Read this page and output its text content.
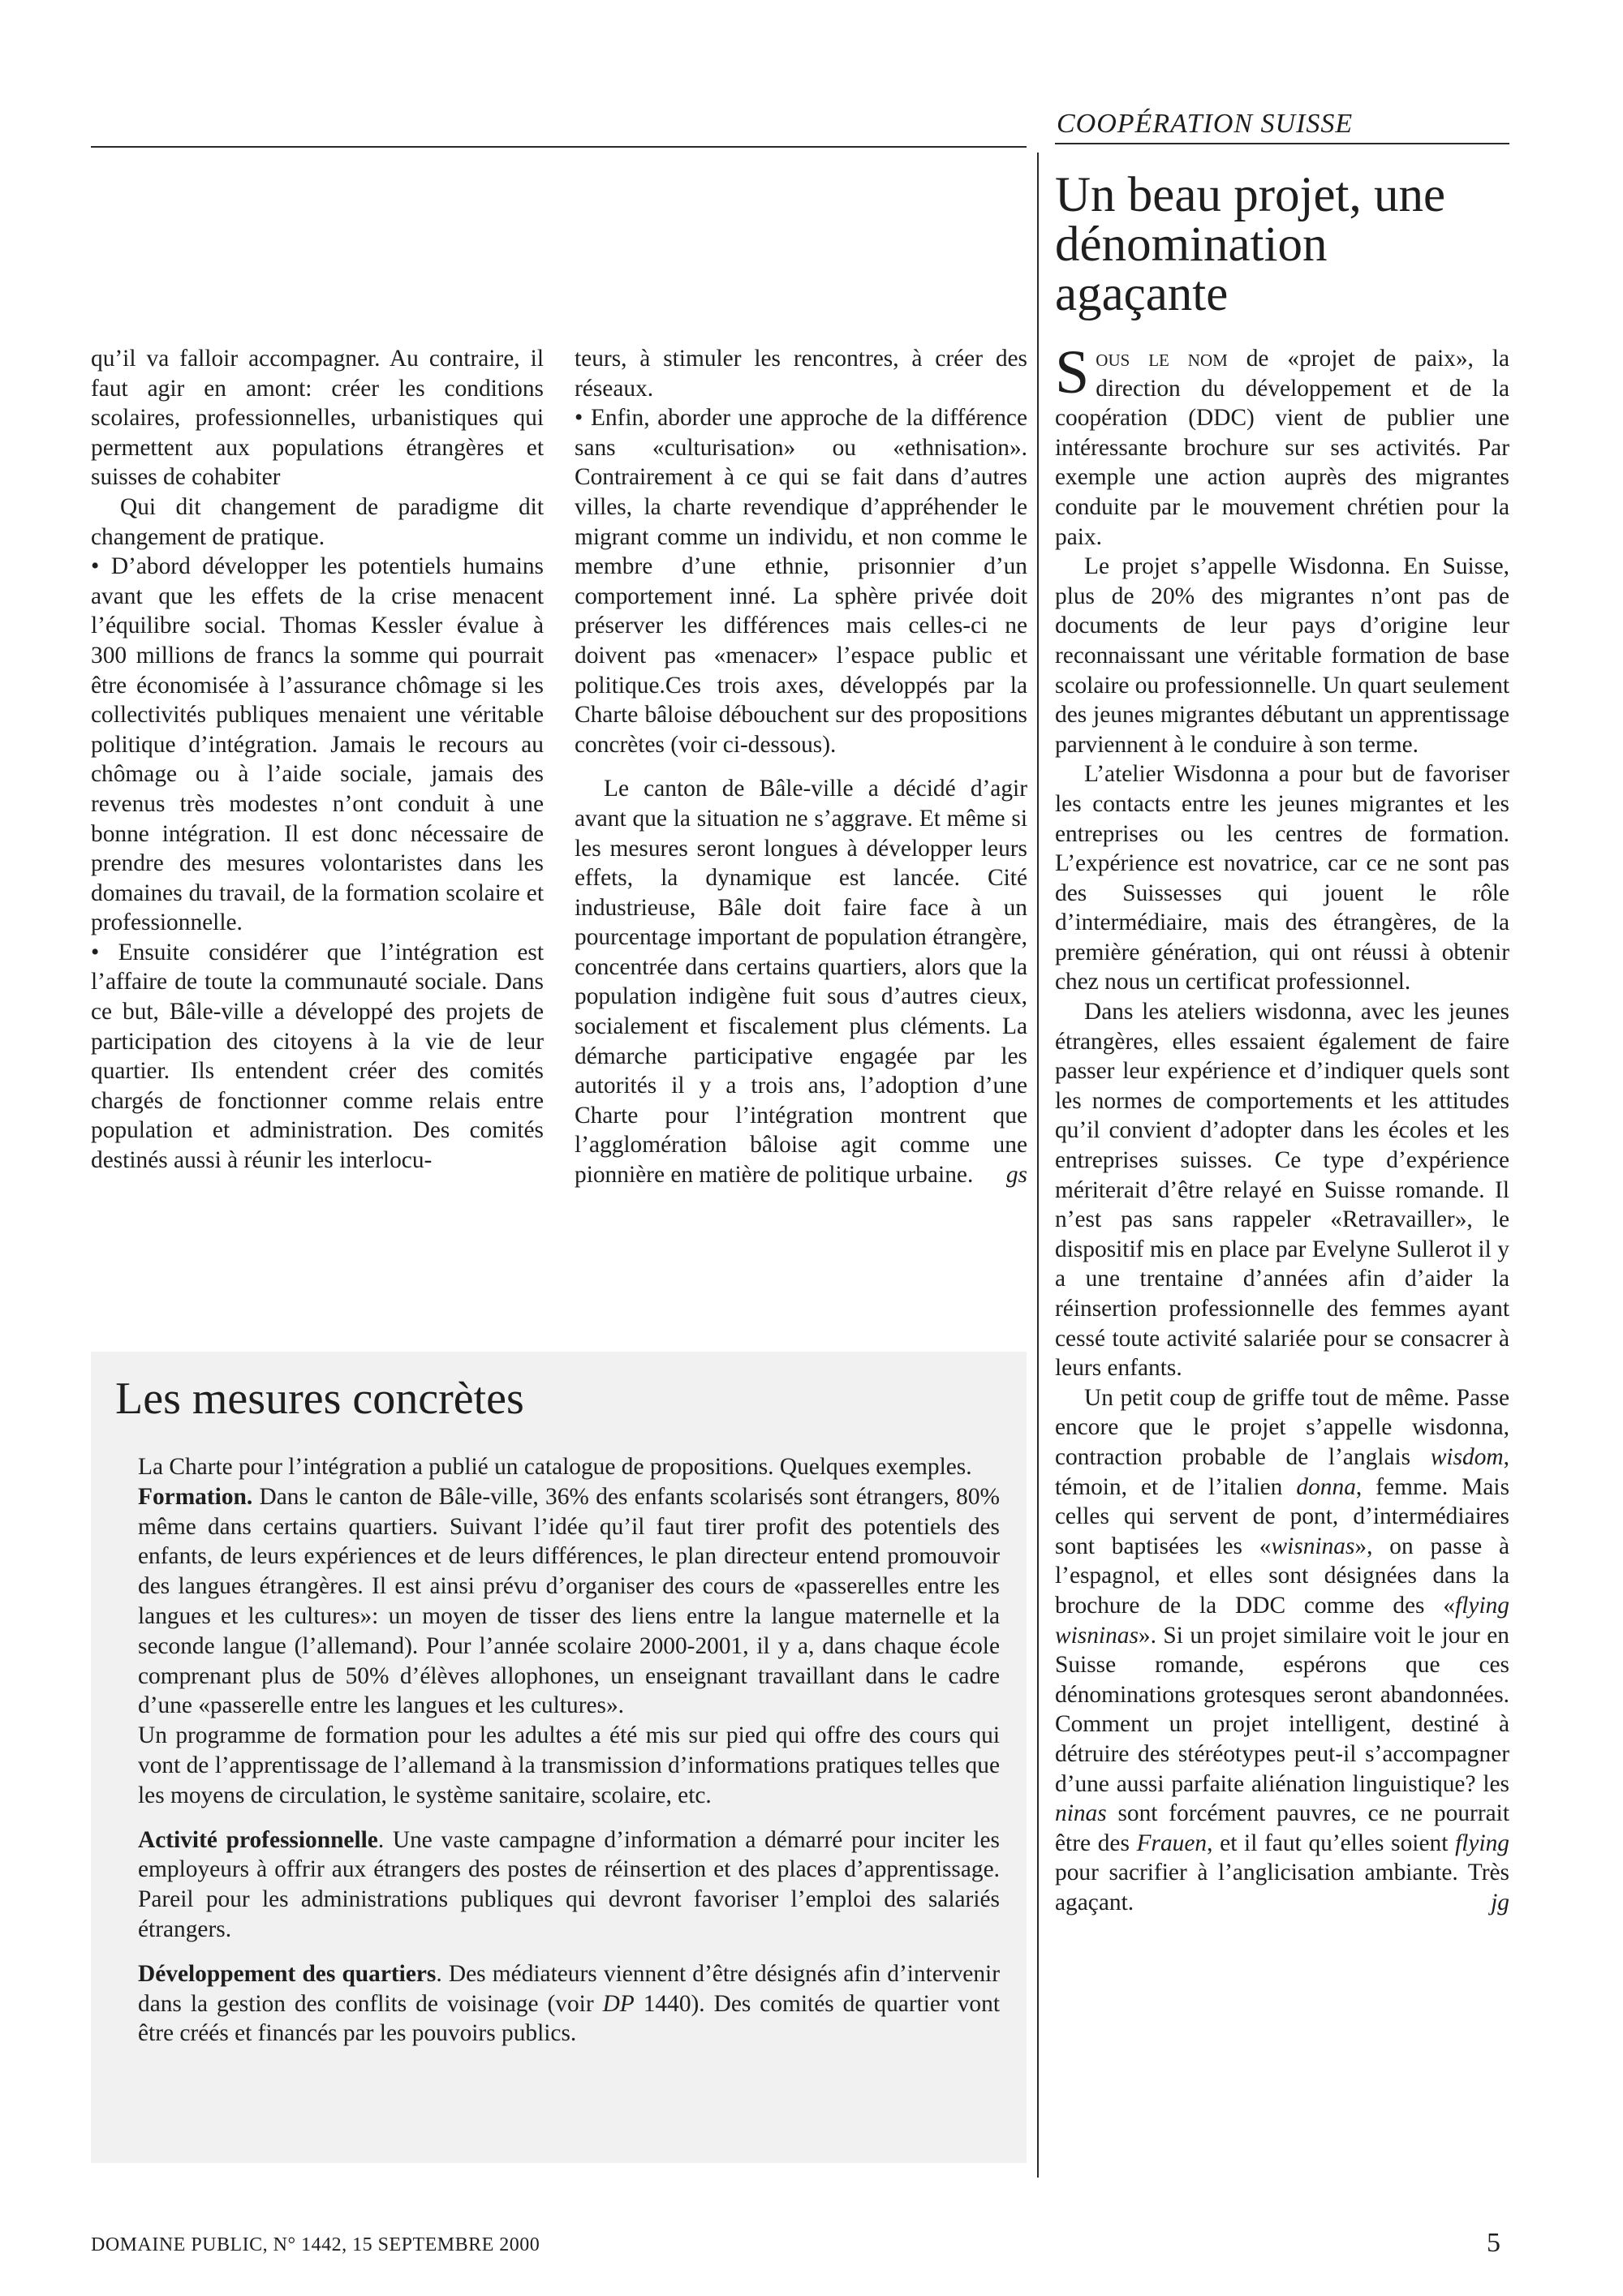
COOPÉRATION SUISSE
Un beau projet, une dénomination agaçante

qu’il va falloir accompagner. Au contraire, il faut agir en amont: créer les conditions scolaires, professionnelles, urbanistiques qui permettent aux populations étrangères et suisses de cohabiter

Qui dit changement de paradigme dit changement de pratique.

• D’abord développer les potentiels humains avant que les effets de la crise menacent l’équilibre social. Thomas Kessler évalue à 300 millions de francs la somme qui pourrait être économisée à l’assurance chômage si les collectivités publiques menaient une véritable politique d’intégration. Jamais le recours au chômage ou à l’aide sociale, jamais des revenus très modestes n’ont conduit à une bonne intégration. Il est donc nécessaire de prendre des mesures volontaristes dans les domaines du travail, de la formation scolaire et professionnelle.

• Ensuite considérer que l’intégration est l’affaire de toute la communauté sociale. Dans ce but, Bâle-ville a développé des projets de participation des citoyens à la vie de leur quartier. Ils entendent créer des comités chargés de fonctionner comme relais entre population et administration. Des comités destinés aussi à réunir les interlocu-

teurs, à stimuler les rencontres, à créer des réseaux.

• Enfin, aborder une approche de la différence sans «culturisation» ou «ethnisation». Contrairement à ce qui se fait dans d’autres villes, la charte revendique d’appréhender le migrant comme un individu, et non comme le membre d’une ethnie, prisonnier d’un comportement inné. La sphère privée doit préserver les différences mais celles-ci ne doivent pas «menacer» l’espace public et politique.Ces trois axes, développés par la Charte bâloise débouchent sur des propositions concrètes (voir ci-dessous).

Le canton de Bâle-ville a décidé d’agir avant que la situation ne s’aggrave. Et même si les mesures seront longues à développer leurs effets, la dynamique est lancée. Cité industrieuse, Bâle doit faire face à un pourcentage important de population étrangère, concentrée dans certains quartiers, alors que la population indigène fuit sous d’autres cieux, socialement et fiscalement plus cléments. La démarche participative engagée par les autorités il y a trois ans, l’adoption d’une Charte pour l’intégration montrent que l’agglomération bâloise agit comme une pionnière en matière de politique urbaine.	gs

Sous le nom de «projet de paix», la direction du développement et de la coopération (DDC) vient de publier une intéressante brochure sur ses activités. Par exemple une action auprès des migrantes conduite par le mouvement chrétien pour la paix.

Le projet s’appelle Wisdonna. En Suisse, plus de 20% des migrantes n’ont pas de documents de leur pays d’origine leur reconnaissant une véritable formation de base scolaire ou professionnelle. Un quart seulement des jeunes migrantes débutant un apprentissage parviennent à le conduire à son terme.

L’atelier Wisdonna a pour but de favoriser les contacts entre les jeunes migrantes et les entreprises ou les centres de formation. L’expérience est novatrice, car ce ne sont pas des Suissesses qui jouent le rôle d’intermédiaire, mais des étrangères, de la première génération, qui ont réussi à obtenir chez nous un certificat professionnel.

Dans les ateliers wisdonna, avec les jeunes étrangères, elles essaient également de faire passer leur expérience et d’indiquer quels sont les normes de comportements et les attitudes qu’il convient d’adopter dans les écoles et les entreprises suisses. Ce type d’expérience mériterait d’être relayé en Suisse romande. Il n’est pas sans rappeler «Retravailler», le dispositif mis en place par Evelyne Sullerot il y a une trentaine d’années afin d’aider la réinsertion professionnelle des femmes ayant cessé toute activité salariée pour se consacrer à leurs enfants.

Un petit coup de griffe tout de même. Passe encore que le projet s’appelle wisdonna, contraction probable de l’anglais wisdom, témoin, et de l’italien donna, femme. Mais celles qui servent de pont, d’intermédiaires sont baptisées les «wisninas», on passe à l’espagnol, et elles sont désignées dans la brochure de la DDC comme des «flying wisninas». Si un projet similaire voit le jour en Suisse romande, espérons que ces dénominations grotesques seront abandonnées. Comment un projet intelligent, destiné à détruire des stéréotypes peut-il s’accompagner d’une aussi parfaite aliénation linguistique? les ninas sont forcément pauvres, ce ne pourrait être des Frauen, et il faut qu’elles soient flying pour sacrifier à l’anglicisation ambiante. Très agaçant.	jg

Les mesures concrètes

La Charte pour l’intégration a publié un catalogue de propositions. Quelques exemples.

Formation. Dans le canton de Bâle-ville, 36% des enfants scolarisés sont étrangers, 80% même dans certains quartiers. Suivant l’idée qu’il faut tirer profit des potentiels des enfants, de leurs expériences et de leurs différences, le plan directeur entend promouvoir des langues étrangères. Il est ainsi prévu d’organiser des cours de «passerelles entre les langues et les cultures»: un moyen de tisser des liens entre la langue maternelle et la seconde langue (l’allemand). Pour l’année scolaire 2000-2001, il y a, dans chaque école comprenant plus de 50% d’élèves allophones, un enseignant travaillant dans le cadre d’une «passerelle entre les langues et les cultures».

Un programme de formation pour les adultes a été mis sur pied qui offre des cours qui vont de l’apprentissage de l’allemand à la transmission d’informations pratiques telles que les moyens de circulation, le système sanitaire, scolaire, etc.

Activité professionnelle. Une vaste campagne d’information a démarré pour inciter les employeurs à offrir aux étrangers des postes de réinsertion et des places d’apprentissage. Pareil pour les administrations publiques qui devront favoriser l’emploi des salariés étrangers.

Développement des quartiers. Des médiateurs viennent d’être désignés afin d’intervenir dans la gestion des conflits de voisinage (voir DP 1440). Des comités de quartier vont être créés et financés par les pouvoirs publics.

DOMAINE PUBLIC, N° 1442, 15 SEPTEMBRE 2000	5
